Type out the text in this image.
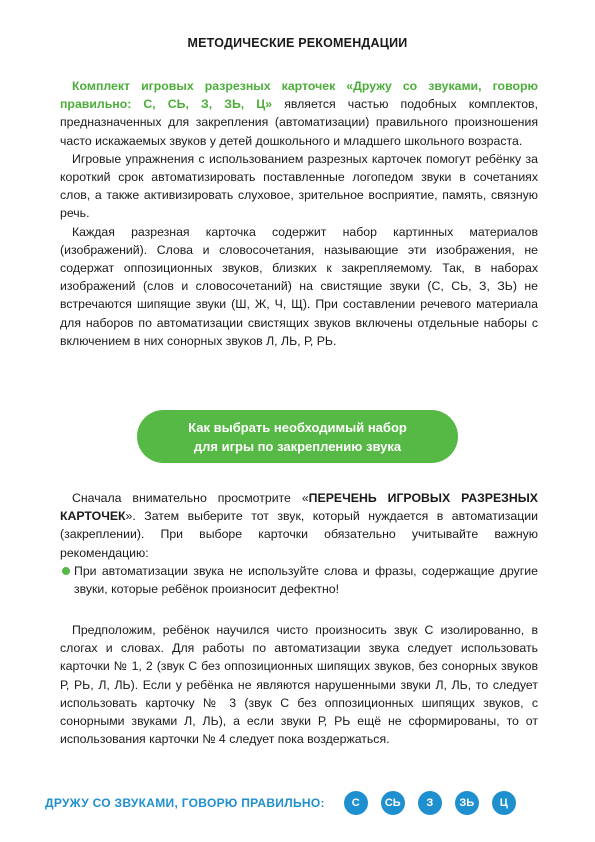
МЕТОДИЧЕСКИЕ РЕКОМЕНДАЦИИ

Комплект игровых разрезных карточек «Дружу со звуками, говорю правильно: С, СЬ, З, ЗЬ, Ц» является частью подобных комплектов, предназначенных для закрепления (автоматизации) правильного произношения часто искажаемых звуков у детей дошкольного и младшего школьного возраста.

Игровые упражнения с использованием разрезных карточек помогут ребёнку за короткий срок автоматизировать поставленные логопедом звуки в сочетаниях слов, а также активизировать слуховое, зрительное восприятие, память, связную речь.

Каждая разрезная карточка содержит набор картинных материалов (изображений). Слова и словосочетания, называющие эти изображения, не содержат оппозиционных звуков, близких к закрепляемому. Так, в наборах изображений (слов и словосочетаний) на свистящие звуки (С, СЬ, З, ЗЬ) не встречаются шипящие звуки (Ш, Ж, Ч, Щ). При составлении речевого материала для наборов по автоматизации свистящих звуков включены отдельные наборы с включением в них сонорных звуков Л, ЛЬ, Р, РЬ.

Как выбрать необходимый набор
для игры по закреплению звука

Сначала внимательно просмотрите «ПЕРЕЧЕНЬ ИГРОВЫХ РАЗРЕЗНЫХ КАРТОЧЕК». Затем выберите тот звук, который нуждается в автоматизации (закреплении). При выборе карточки обязательно учитывайте важную рекомендацию:

При автоматизации звука не используйте слова и фразы, содержащие другие звуки, которые ребёнок произносит дефектно!

Предположим, ребёнок научился чисто произносить звук С изолированно, в слогах и словах. Для работы по автоматизации звука следует использовать карточки № 1, 2 (звук С без оппозиционных шипящих звуков, без сонорных звуков Р, РЬ, Л, ЛЬ). Если у ребёнка не являются нарушенными звуки Л, ЛЬ, то следует использовать карточку № 3 (звук С без оппозиционных шипящих звуков, с сонорными звуками Л, ЛЬ), а если звуки Р, РЬ ещё не сформированы, то от использования карточки № 4 следует пока воздержаться.

ДРУЖУ СО ЗВУКАМИ, ГОВОРЮ ПРАВИЛЬНО:	С	СЬ	З	ЗЬ	Ц
